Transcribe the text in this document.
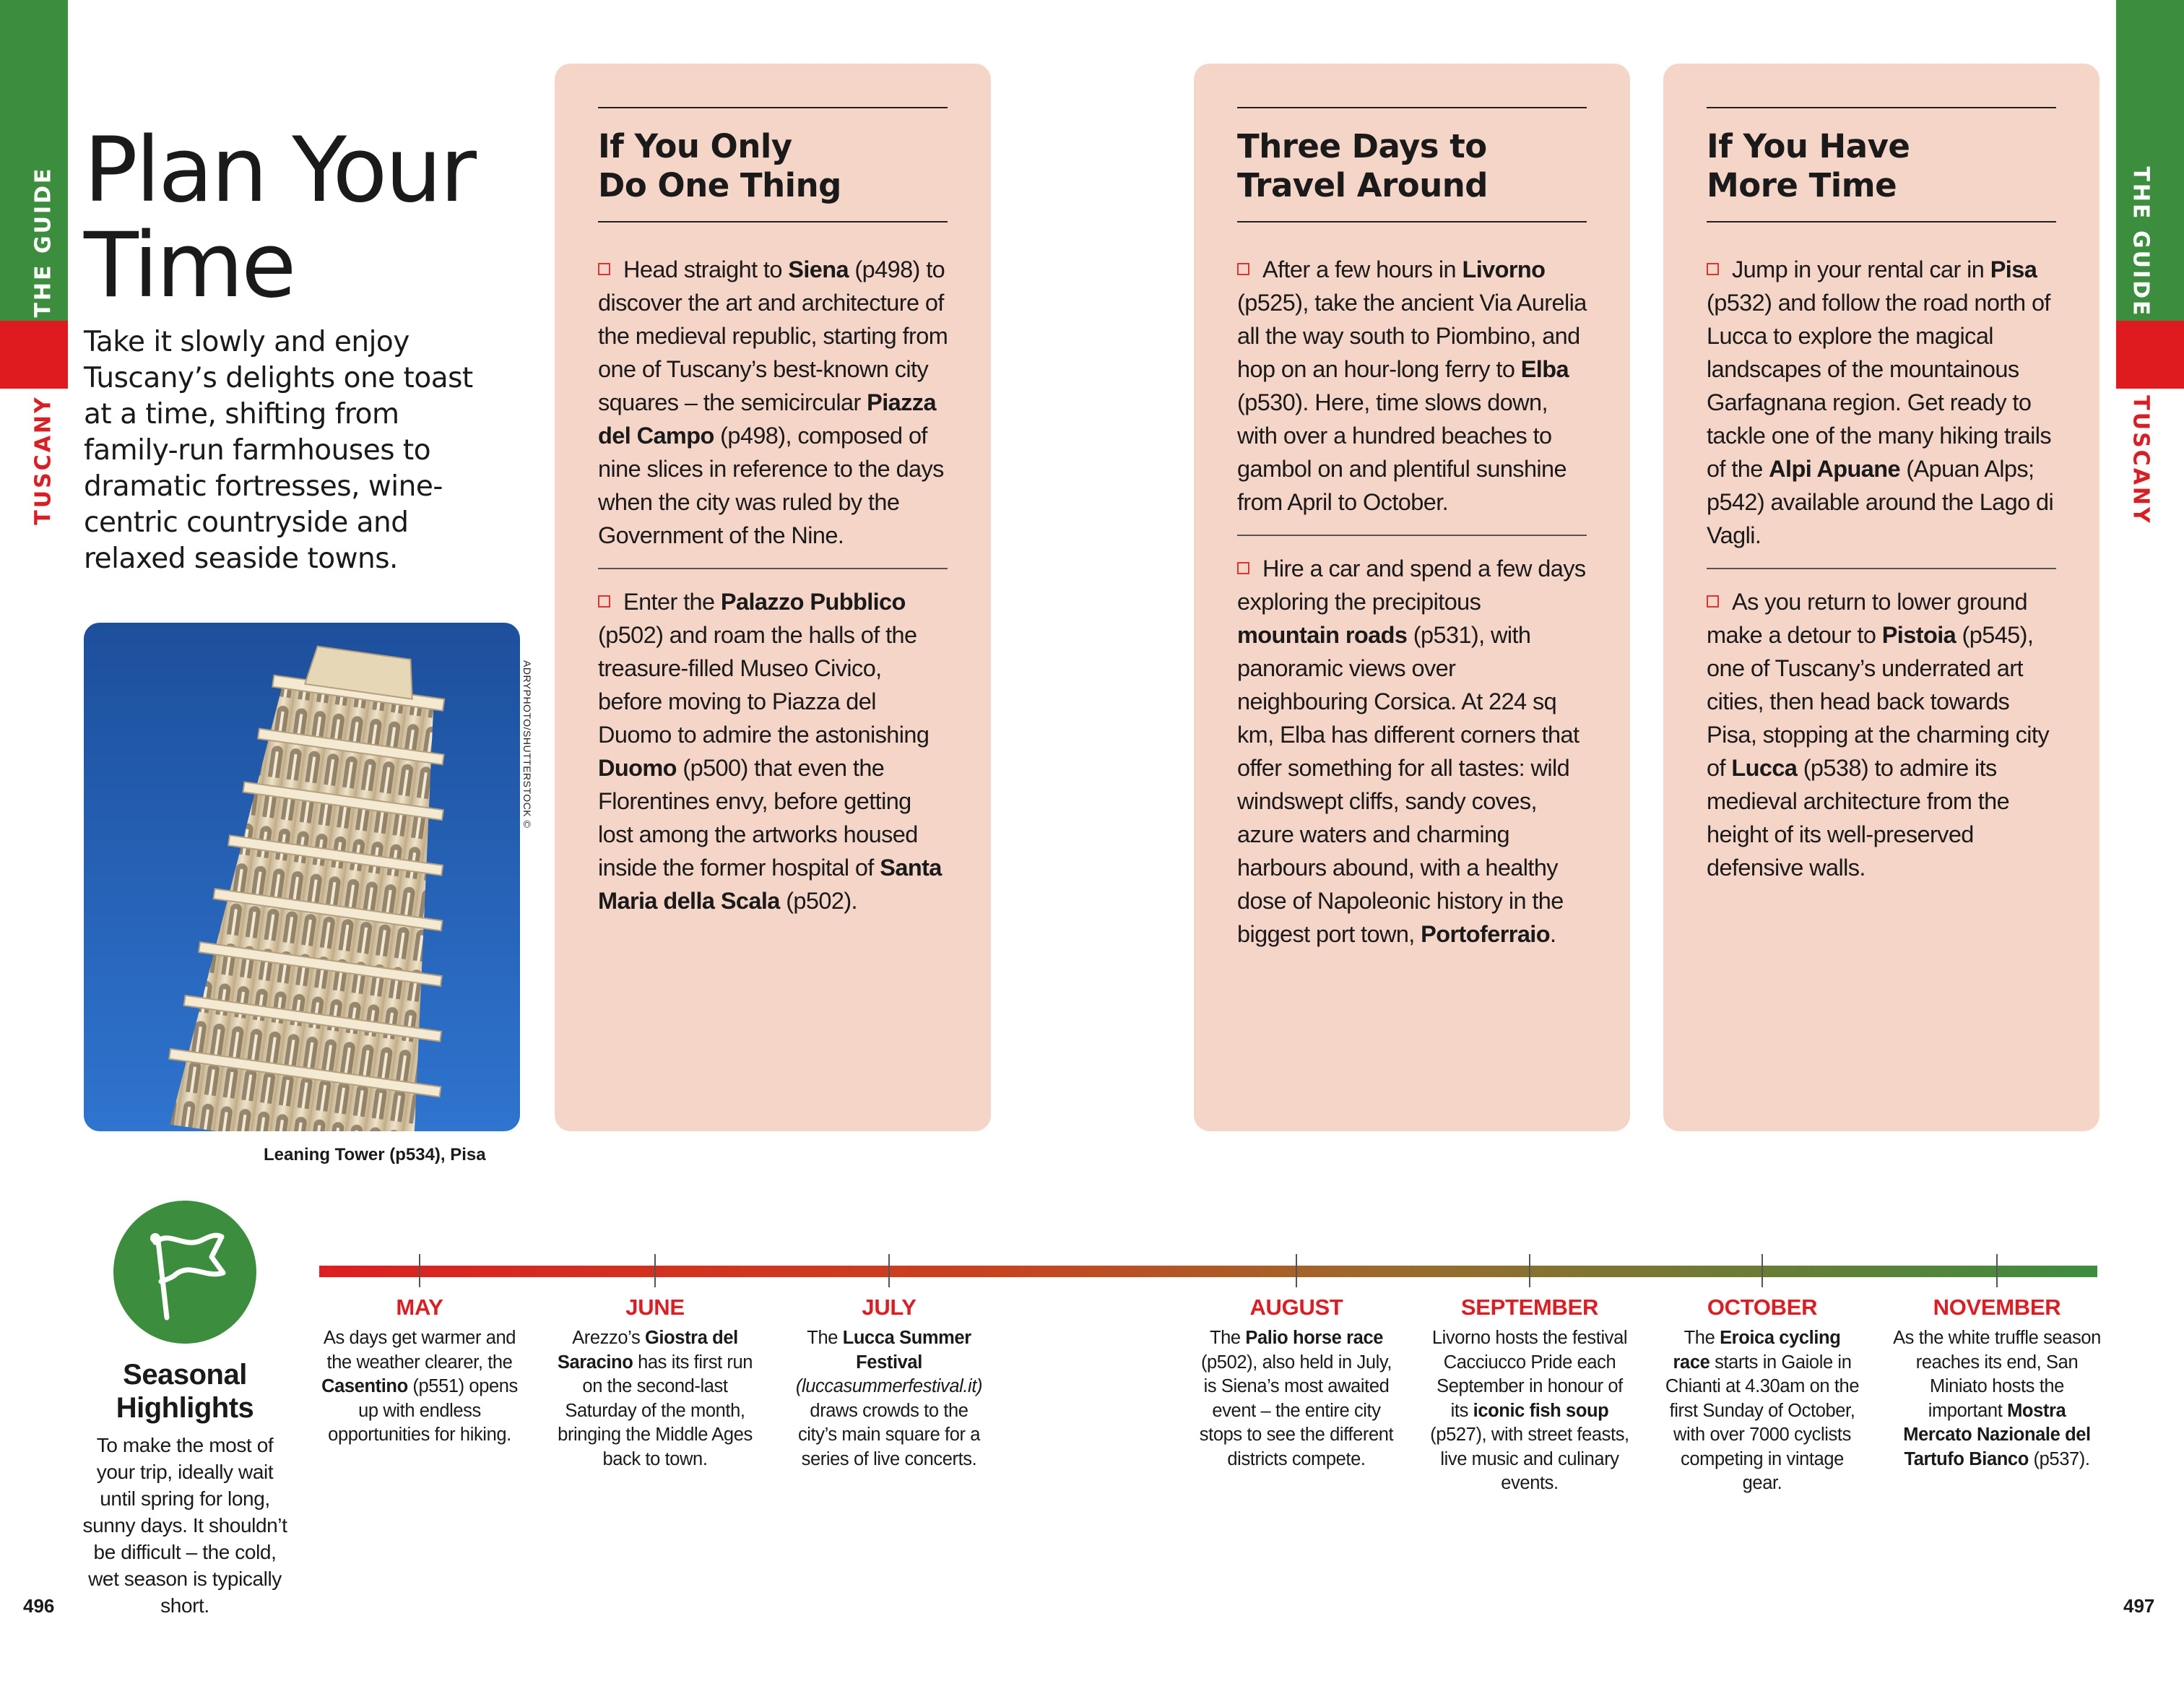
THE GUIDE
TUSCANY
THE GUIDE
TUSCANY
Plan Your
Time

Take it slowly and enjoy Tuscany’s delights one toast at a time, shifting from family-run farmhouses to dramatic fortresses, wine-centric countryside and relaxed seaside towns.

ADRYPHOTO/SHUTTERSTOCK ©
Leaning Tower (p534), Pisa
If You Only
Do One Thing

Head straight to Siena (p498) to discover the art and architecture of the medieval republic, starting from one of Tuscany’s best-known city squares – the semicircular Piazza del Campo (p498), composed of nine slices in reference to the days when the city was ruled by the Government of the Nine.

Enter the Palazzo Pubblico (p502) and roam the halls of the treasure-filled Museo Civico, before moving to Piazza del Duomo to admire the astonishing Duomo (p500) that even the Florentines envy, before getting lost among the artworks housed inside the former hospital of Santa Maria della Scala (p502).

Three Days to
Travel Around

After a few hours in Livorno (p525), take the ancient Via Aurelia all the way south to Piombino, and hop on an hour-long ferry to Elba (p530). Here, time slows down, with over a hundred beaches to gambol on and plentiful sunshine from April to October.

Hire a car and spend a few days exploring the precipitous mountain roads (p531), with panoramic views over neighbouring Corsica. At 224 sq km, Elba has different corners that offer something for all tastes: wild windswept cliffs, sandy coves, azure waters and charming harbours abound, with a healthy dose of Napoleonic history in the biggest port town, Portoferraio.

If You Have
More Time

Jump in your rental car in Pisa (p532) and follow the road north of Lucca to explore the magical landscapes of the mountainous Garfagnana region. Get ready to tackle one of the many hiking trails of the Alpi Apuane (Apuan Alps; p542) available around the Lago di Vagli.

As you return to lower ground make a detour to Pistoia (p545), one of Tuscany’s underrated art cities, then head back towards Pisa, stopping at the charming city of Lucca (p538) to admire its medieval architecture from the height of its well-preserved defensive walls.

Seasonal
Highlights

To make the most of your trip, ideally wait until spring for long, sunny days. It shouldn’t be difficult – the cold, wet season is typically short.

MAY

As days get warmer and the weather clearer, the Casentino (p551) opens up with endless opportunities for hiking.

JUNE

Arezzo’s Giostra del Saracino has its first run on the second-last Saturday of the month, bringing the Middle Ages back to town.

JULY

The Lucca Summer Festival (luccasummerfestival.it) draws crowds to the city’s main square for a series of live concerts.

AUGUST

The Palio horse race (p502), also held in July, is Siena’s most awaited event – the entire city stops to see the different districts compete.

SEPTEMBER

Livorno hosts the festival Cacciucco Pride each September in honour of its iconic fish soup (p527), with street feasts, live music and culinary events.

OCTOBER

The Eroica cycling race starts in Gaiole in Chianti at 4.30am on the first Sunday of October, with over 7000 cyclists competing in vintage gear.

NOVEMBER

As the white truffle season reaches its end, San Miniato hosts the important Mostra Mercato Nazionale del Tartufo Bianco (p537).

496	497
